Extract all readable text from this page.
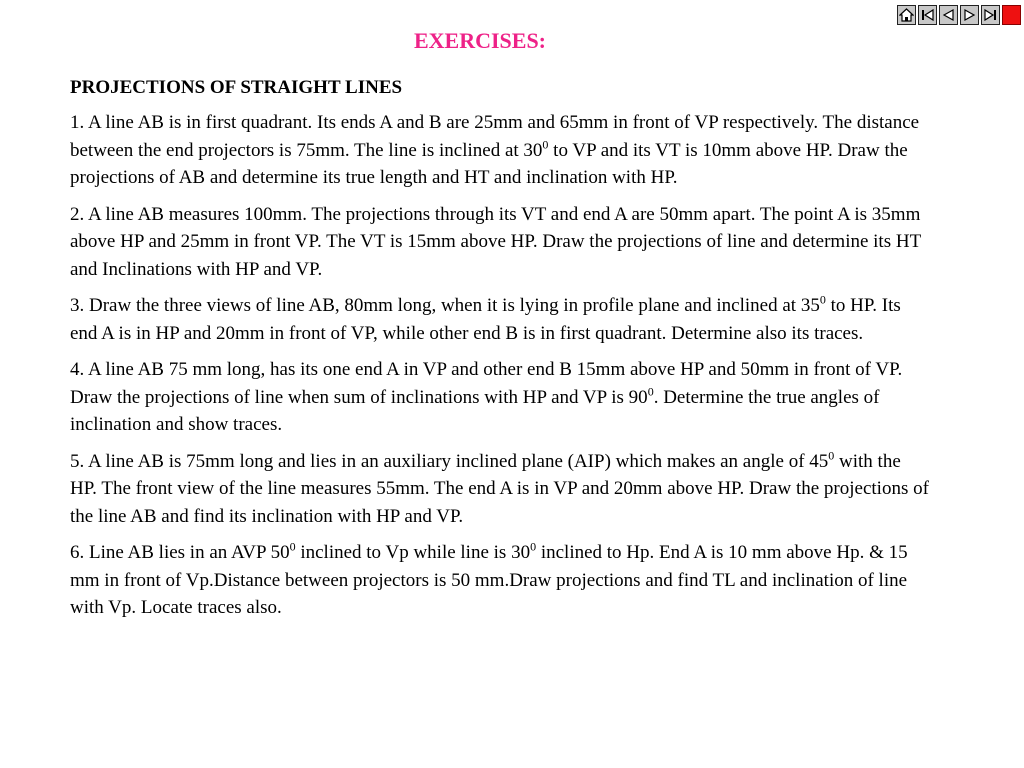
EXERCISES:

PROJECTIONS OF STRAIGHT LINES

1. A line AB is in first quadrant. Its ends A and B are 25mm and 65mm in front of VP respectively. The distance between the end projectors is 75mm. The line is inclined at $30^0$ to VP and its VT is 10mm above HP. Draw the projections of AB and determine its true length and HT and inclination with HP.

2. A line AB measures 100mm. The projections through its VT and end A are 50mm apart. The point A is 35mm above HP and 25mm in front VP. The VT is 15mm above HP. Draw the projections of line and determine its HT and Inclinations with HP and VP.

3. Draw the three views of line AB, 80mm long, when it is lying in profile plane and inclined at $35^0$ to HP. Its end A is in HP and 20mm in front of VP, while other end B is in first quadrant. Determine also its traces.

4. A line AB 75 mm long, has its one end A in VP and other end B 15mm above HP and 50mm in front of VP. Draw the projections of line when sum of inclinations with HP and VP is $90^0$. Determine the true angles of inclination and show traces.

5. A line AB is 75mm long and lies in an auxiliary inclined plane (AIP) which makes an angle of $45^0$ with the HP. The front view of the line measures 55mm. The end A is in VP and 20mm above HP. Draw the projections of the line AB and find its inclination with HP and VP.

6. Line AB lies in an AVP $50^0$ inclined to Vp while line is $30^0$ inclined to Hp. End A is 10 mm above Hp. & 15 mm in front of Vp.Distance between projectors is 50 mm.Draw projections and find TL and inclination of line with Vp. Locate traces also.
